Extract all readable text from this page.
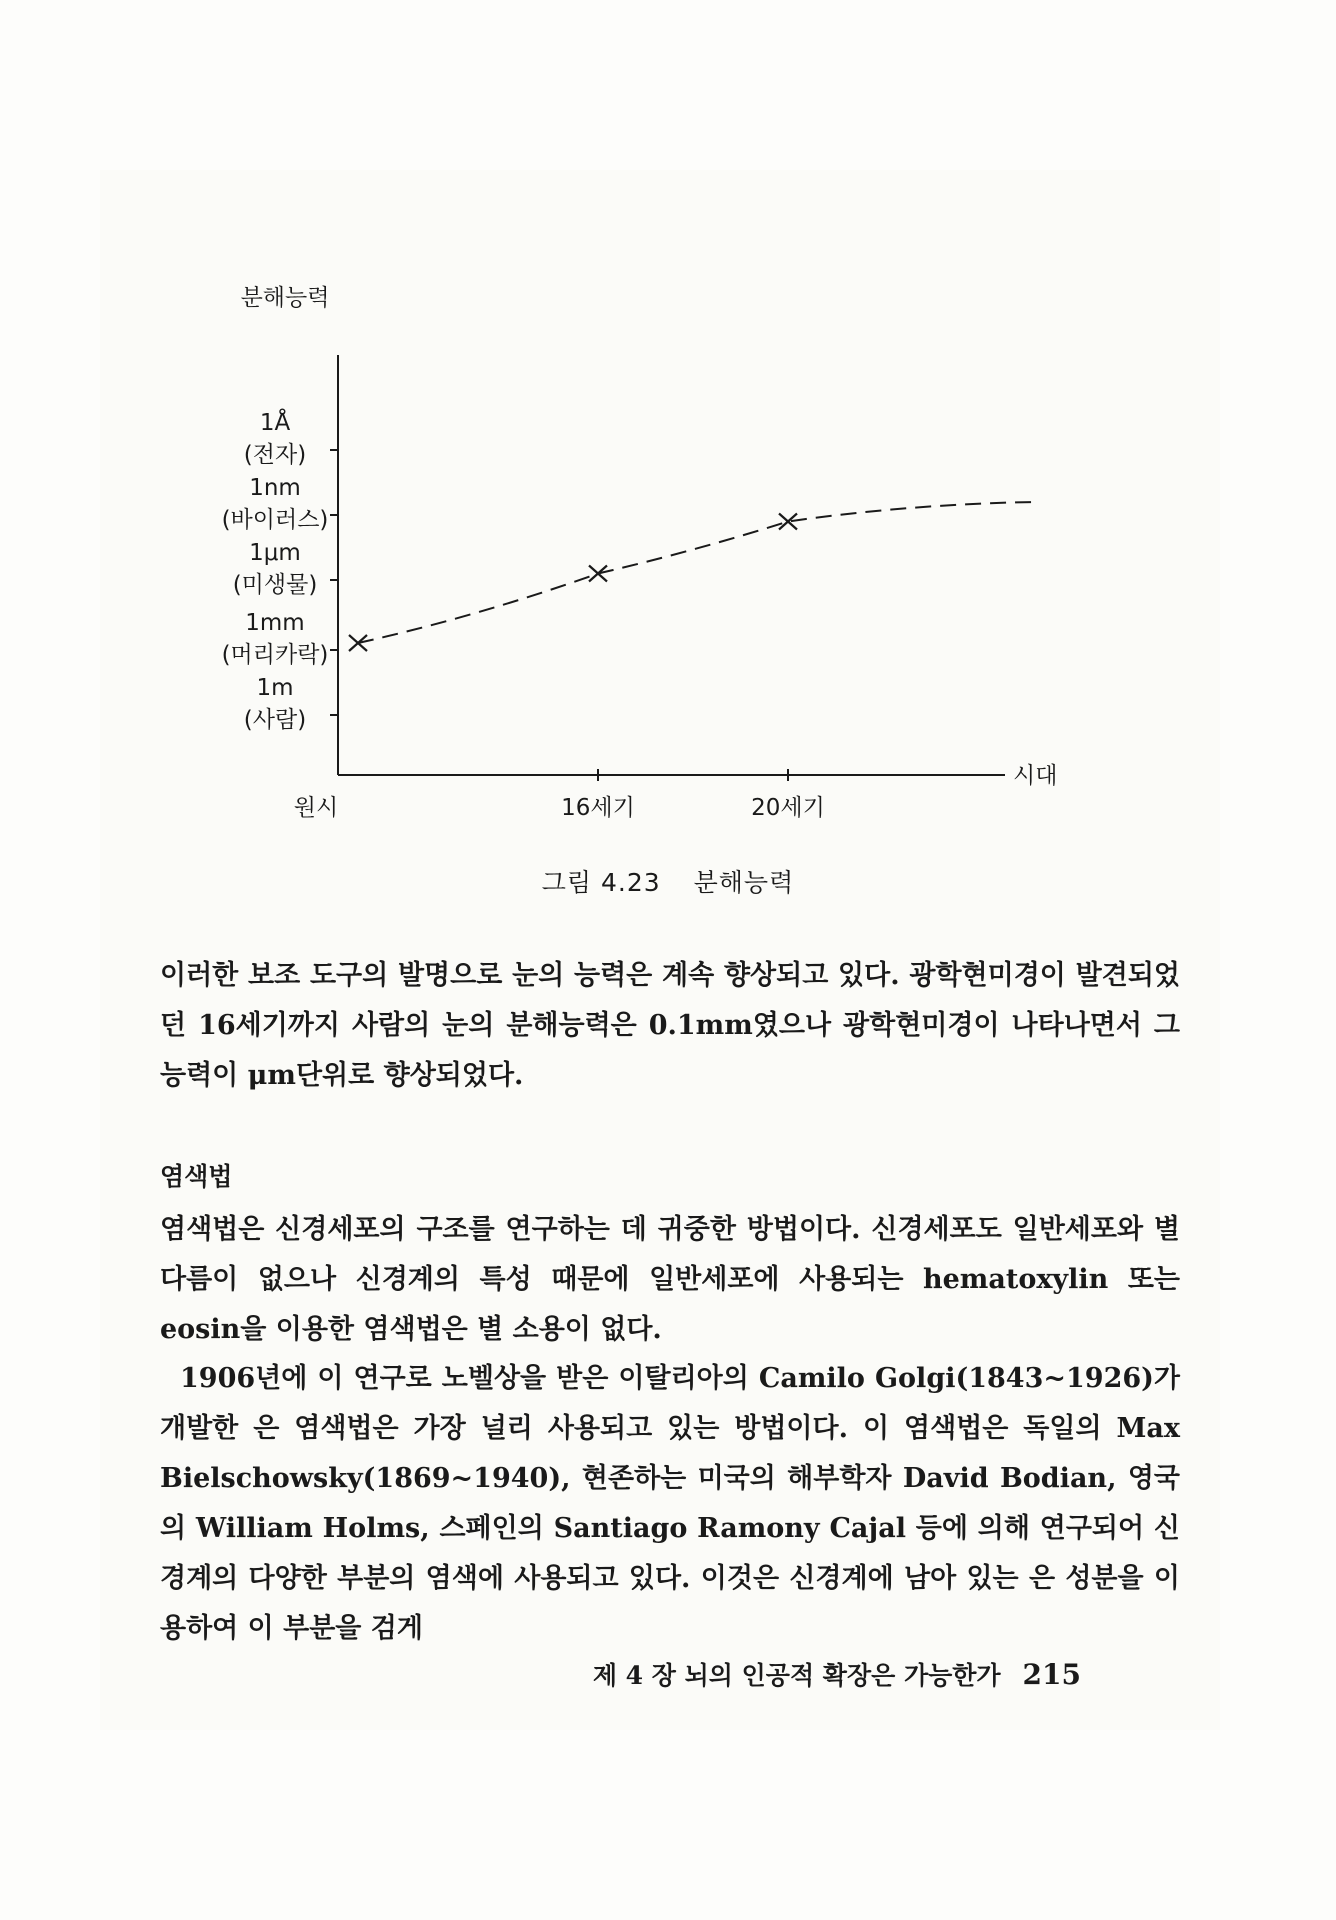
분해능력
시대
1m
(사람)
1mm
(머리카락)
1μm
(미생물)
1nm
(바이러스)
1Å
(전자)
원시	16세기	20세기
그림 4.23 분해능력
이러한 보조 도구의 발명으로 눈의 능력은 계속 향상되고 있다. 광학현미경이 발견되었던 16세기까지 사람의 눈의 분해능력은 0.1mm였으나 광학현미경이 나타나면서 그 능력이 μm단위로 향상되었다.
염색법
염색법은 신경세포의 구조를 연구하는 데 귀중한 방법이다. 신경세포도 일반세포와 별 다름이 없으나 신경계의 특성 때문에 일반세포에 사용되는 hematoxylin 또는 eosin을 이용한 염색법은 별 소용이 없다.
1906년에 이 연구로 노벨상을 받은 이탈리아의 Camilo Golgi(1843~1926)가 개발한 은 염색법은 가장 널리 사용되고 있는 방법이다. 이 염색법은 독일의 Max Bielschowsky(1869~1940), 현존하는 미국의 해부학자 David Bodian, 영국의 William Holms, 스페인의 Santiago Ramony Cajal 등에 의해 연구되어 신경계의 다양한 부분의 염색에 사용되고 있다. 이것은 신경계에 남아 있는 은 성분을 이용하여 이 부분을 검게
제 4 장 뇌의 인공적 확장은 가능한가 215
